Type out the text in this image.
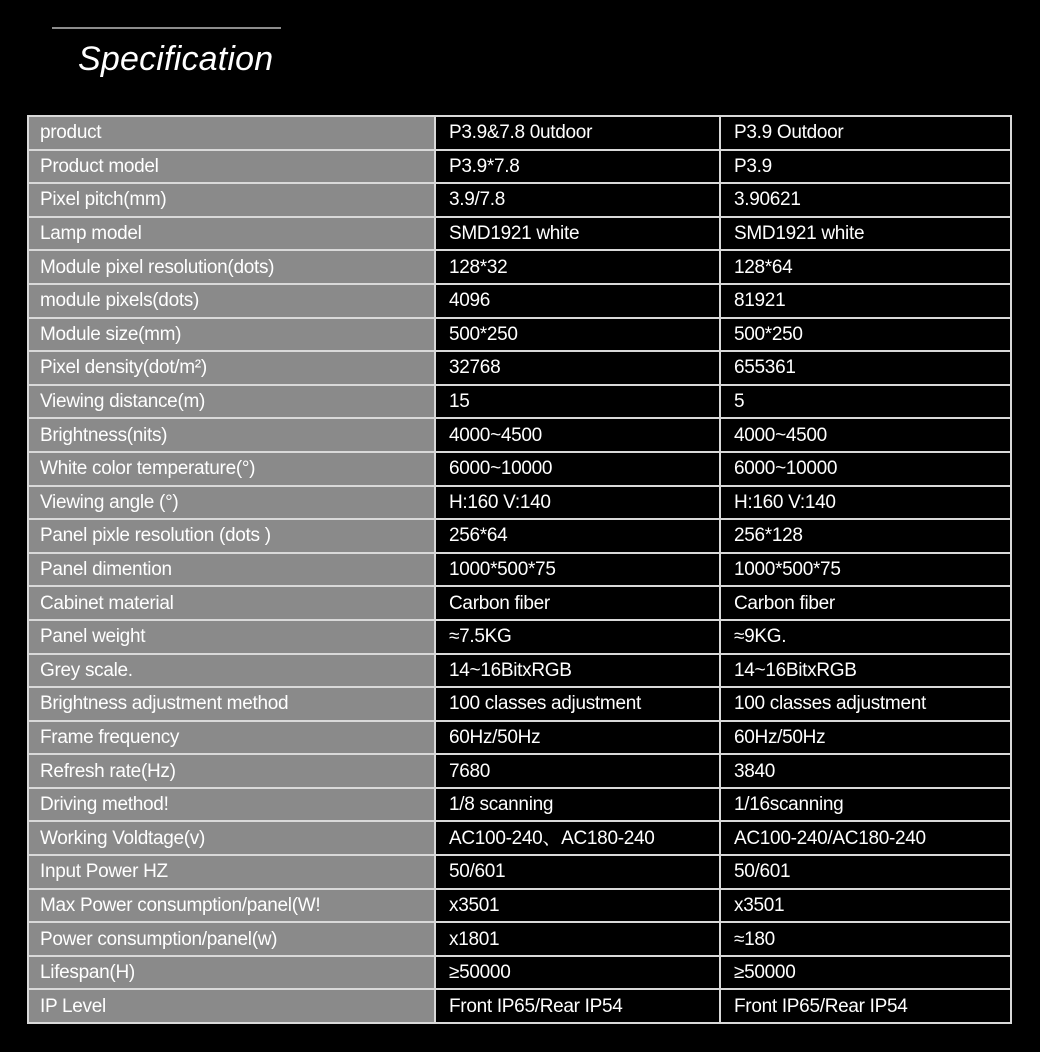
Specification
product	P3.9&7.8 0utdoor	P3.9 Outdoor
Product model	P3.9*7.8	P3.9
Pixel pitch(mm)	3.9/7.8	3.90621
Lamp model	SMD1921 white	SMD1921 white
Module pixel resolution(dots)	128*32	128*64
module pixels(dots)	4096	81921
Module size(mm)	500*250	500*250
Pixel density(dot/m²)	32768	655361
Viewing distance(m)	15	5
Brightness(nits)	4000~4500	4000~4500
White color temperature(°)	6000~10000	6000~10000
Viewing angle (°)	H:160 V:140	H:160 V:140
Panel pixle resolution (dots )	256*64	256*128
Panel dimention	1000*500*75	1000*500*75
Cabinet material	Carbon fiber	Carbon fiber
Panel weight	≈7.5KG	≈9KG.
Grey scale.	14~16BitxRGB	14~16BitxRGB
Brightness adjustment method	100 classes adjustment	100 classes adjustment
Frame frequency	60Hz/50Hz	60Hz/50Hz
Refresh rate(Hz)	7680	3840
Driving method!	1/8 scanning	1/16scanning
Working Voldtage(v)	AC100-240、AC180-240	AC100-240/AC180-240
Input Power HZ	50/601	50/601
Max Power consumption/panel(W!	x3501	x3501
Power consumption/panel(w)	x1801	≈180
Lifespan(H)	≥50000	≥50000
IP Level	Front IP65/Rear IP54	Front IP65/Rear IP54
